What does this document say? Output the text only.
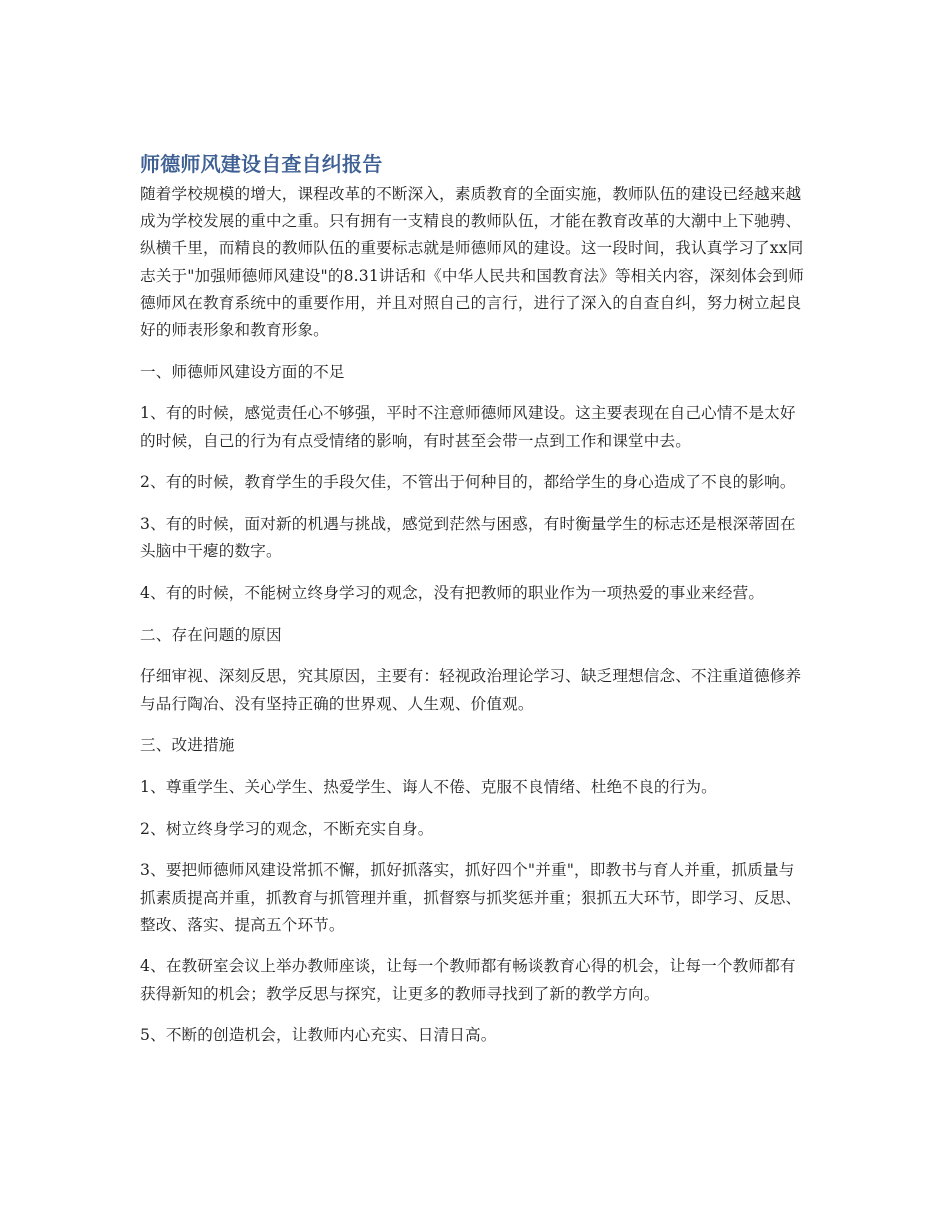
师德师风建设自查自纠报告

随着学校规模的增大，课程改革的不断深入，素质教育的全面实施，教师队伍的建设已经越来越成为学校发展的重中之重。只有拥有一支精良的教师队伍，才能在教育改革的大潮中上下驰骋、纵横千里，而精良的教师队伍的重要标志就是师德师风的建设。这一段时间，我认真学习了xx同志关于"加强师德师风建设"的8.31讲话和《中华人民共和国教育法》等相关内容，深刻体会到师德师风在教育系统中的重要作用，并且对照自己的言行，进行了深入的自查自纠，努力树立起良好的师表形象和教育形象。

一、师德师风建设方面的不足

1、有的时候，感觉责任心不够强，平时不注意师德师风建设。这主要表现在自己心情不是太好的时候，自己的行为有点受情绪的影响，有时甚至会带一点到工作和课堂中去。

2、有的时候，教育学生的手段欠佳，不管出于何种目的，都给学生的身心造成了不良的影响。

3、有的时候，面对新的机遇与挑战，感觉到茫然与困惑，有时衡量学生的标志还是根深蒂固在头脑中干瘪的数字。

4、有的时候，不能树立终身学习的观念，没有把教师的职业作为一项热爱的事业来经营。

二、存在问题的原因

仔细审视、深刻反思，究其原因，主要有：轻视政治理论学习、缺乏理想信念、不注重道德修养与品行陶冶、没有坚持正确的世界观、人生观、价值观。

三、改进措施

1、尊重学生、关心学生、热爱学生、诲人不倦、克服不良情绪、杜绝不良的行为。

2、树立终身学习的观念，不断充实自身。

3、要把师德师风建设常抓不懈，抓好抓落实，抓好四个"并重"，即教书与育人并重，抓质量与抓素质提高并重，抓教育与抓管理并重，抓督察与抓奖惩并重；狠抓五大环节，即学习、反思、整改、落实、提高五个环节。

4、在教研室会议上举办教师座谈，让每一个教师都有畅谈教育心得的机会，让每一个教师都有获得新知的机会；教学反思与探究，让更多的教师寻找到了新的教学方向。

5、不断的创造机会，让教师内心充实、日清日高。
